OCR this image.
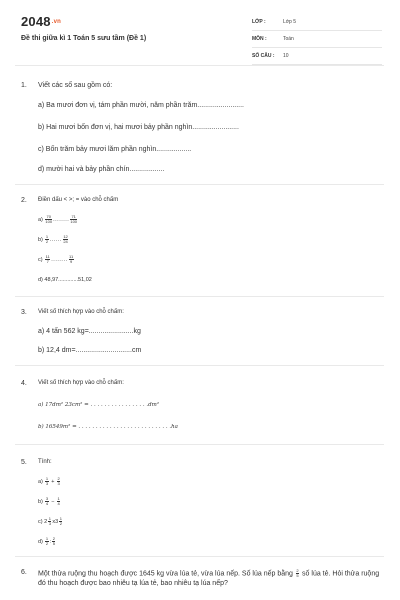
$2048^{.vn}$
Đề thi giữa kì 1 Toán 5 sưu tầm (Đề 1)
LỚP :	Lớp 5
MÔN :	Toán
SỐ CÂU : 10
1. Viết các số sau gồm có:
a) Ba mươi đơn vị, tám phần mười, năm phần trăm........................
b) Hai mươi bốn đơn vị, hai mươi bảy phần nghìn........................
c) Bốn trăm bảy mươi lăm phần nghìn..................
d) mười hai và bảy phần chín..................
2. Điền dấu < >; = vào chỗ chấm
$a) \frac{70}{100}$ ........ $\frac{71}{100}$
$b) \frac{1}{2}$ ...... $\frac{12}{24}$
$c) \frac{11}{7}$ ........ $\frac{11}{9}$
d) 48,97.............51,02
3. Viết số thích hợp vào chỗ chấm:
a) 4 tấn 562 kg=.......................kg
b) 12,4 dm=.............................cm
4. Viết số thích hợp vào chỗ chấm:
a) 17dm² 23cm² = . . . . . . . . . . . . . . . . .dm²
b) 16549m² = . . . . . . . . . . . . . . . . . . . . . . . . . . .ha
5. Tính:
$a) \frac{1}{3} + \frac{2}{3}$
$b) \frac{3}{4} - \frac{1}{4}$
c) $2 \frac{1}{3} x3 \frac{1}{2}$
$d) \frac{1}{2}$ : $\frac{2}{5}$
6. Một thửa ruộng thu hoạch được 1645 kg vừa lúa tẻ, vừa lúa nếp. Số lúa nếp bằng $\frac{2}{5}$ số lúa tẻ. Hỏi thửa ruộng đó thu hoạch được bao nhiêu tạ lúa tẻ, bao nhiêu tạ lúa nếp?
